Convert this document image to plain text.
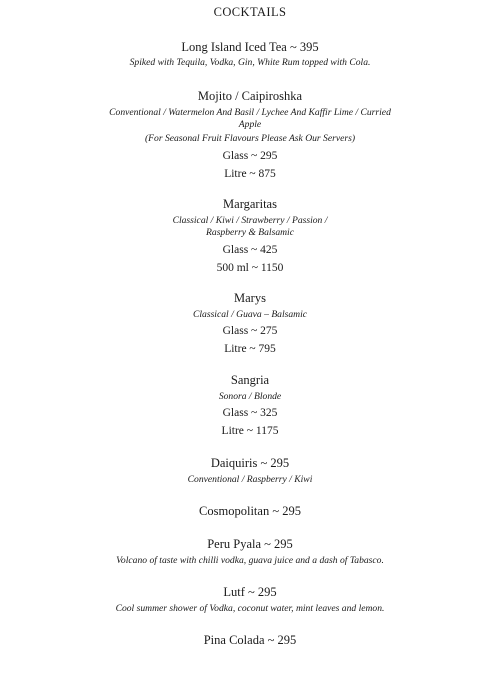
COCKTAILS
Long Island Iced Tea ~ 395
Spiked with Tequila, Vodka, Gin, White Rum topped with Cola.
Mojito / Caipiroshka
Conventional / Watermelon And Basil / Lychee And Kaffir Lime / Curried
Apple
(For Seasonal Fruit Flavours Please Ask Our Servers)
Glass ~ 295
Litre ~ 875
Margaritas
Classical / Kiwi / Strawberry / Passion /
Raspberry & Balsamic
Glass ~ 425
500 ml ~ 1150
Marys
Classical / Guava – Balsamic
Glass ~ 275
Litre ~ 795
Sangria
Sonora / Blonde
Glass ~ 325
Litre ~ 1175
Daiquiris ~ 295
Conventional / Raspberry / Kiwi
Cosmopolitan ~ 295
Peru Pyala ~ 295
Volcano of taste with chilli vodka, guava juice and a dash of Tabasco.
Lutf ~ 295
Cool summer shower of Vodka, coconut water, mint leaves and lemon.
Pina Colada ~ 295
